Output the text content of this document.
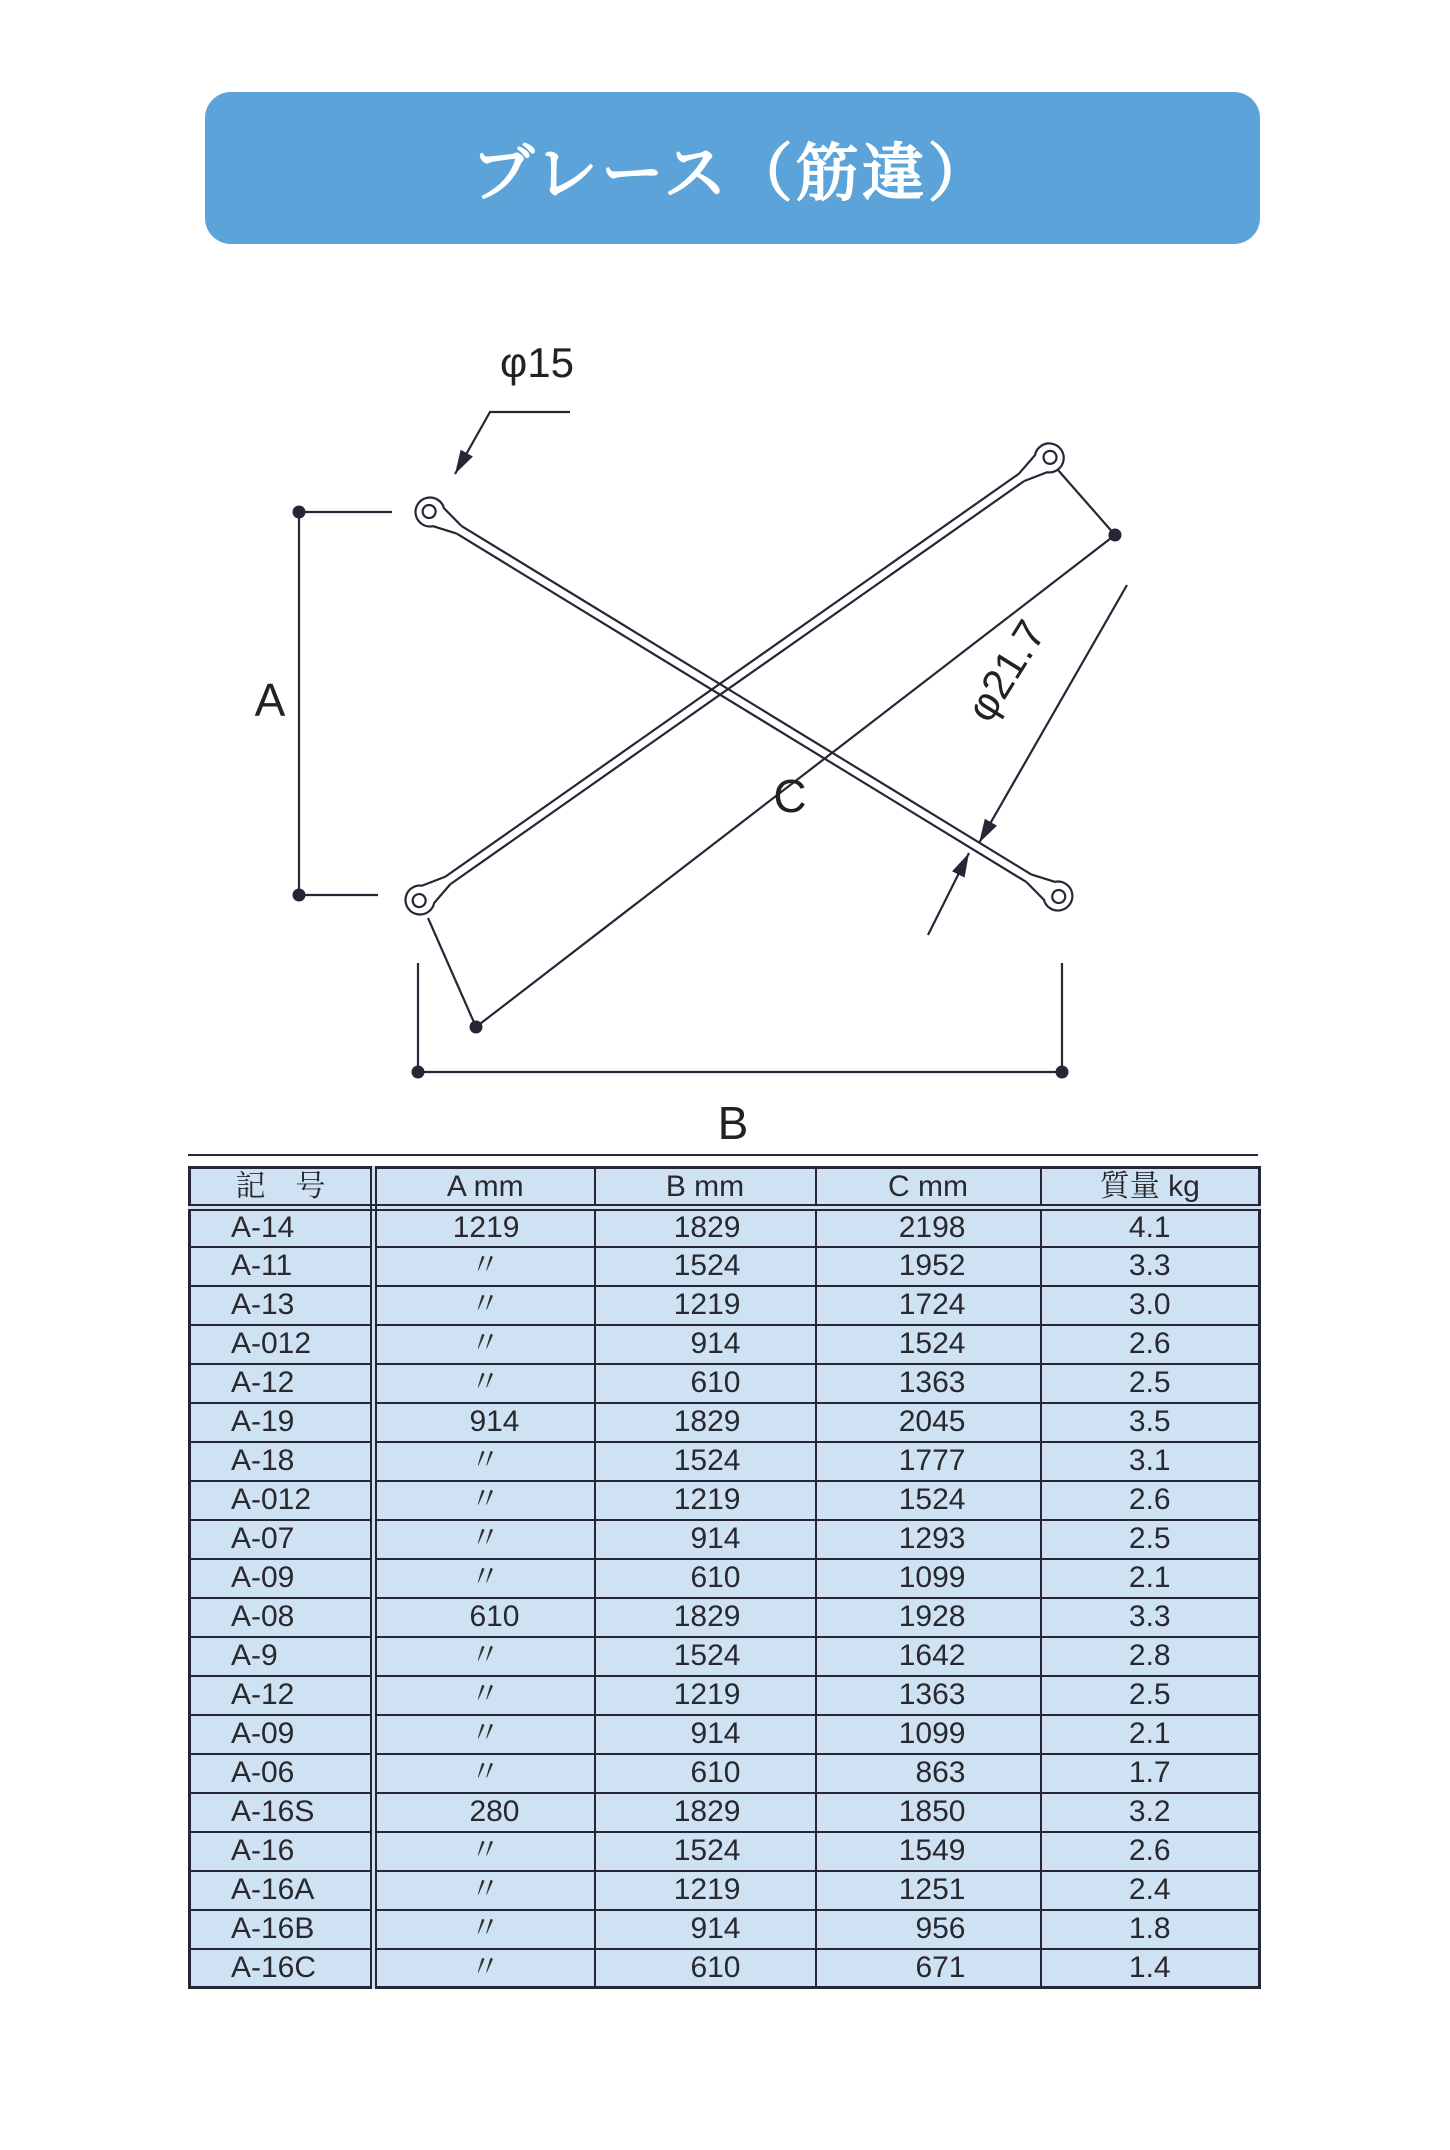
ブレース（筋違）
A
B
C
φ15
φ21.7
記　号	A mm	B mm	C mm	質量 kg
A-14	1219	1829	2198	4.1
A-11	〃	1524	1952	3.3
A-13	〃	1219	1724	3.0
A-012	〃	914	1524	2.6
A-12	〃	610	1363	2.5
A-19	914	1829	2045	3.5
A-18	〃	1524	1777	3.1
A-012	〃	1219	1524	2.6
A-07	〃	914	1293	2.5
A-09	〃	610	1099	2.1
A-08	610	1829	1928	3.3
A-9	〃	1524	1642	2.8
A-12	〃	1219	1363	2.5
A-09	〃	914	1099	2.1
A-06	〃	610	863	1.7
A-16S	280	1829	1850	3.2
A-16	〃	1524	1549	2.6
A-16A	〃	1219	1251	2.4
A-16B	〃	914	956	1.8
A-16C	〃	610	671	1.4
